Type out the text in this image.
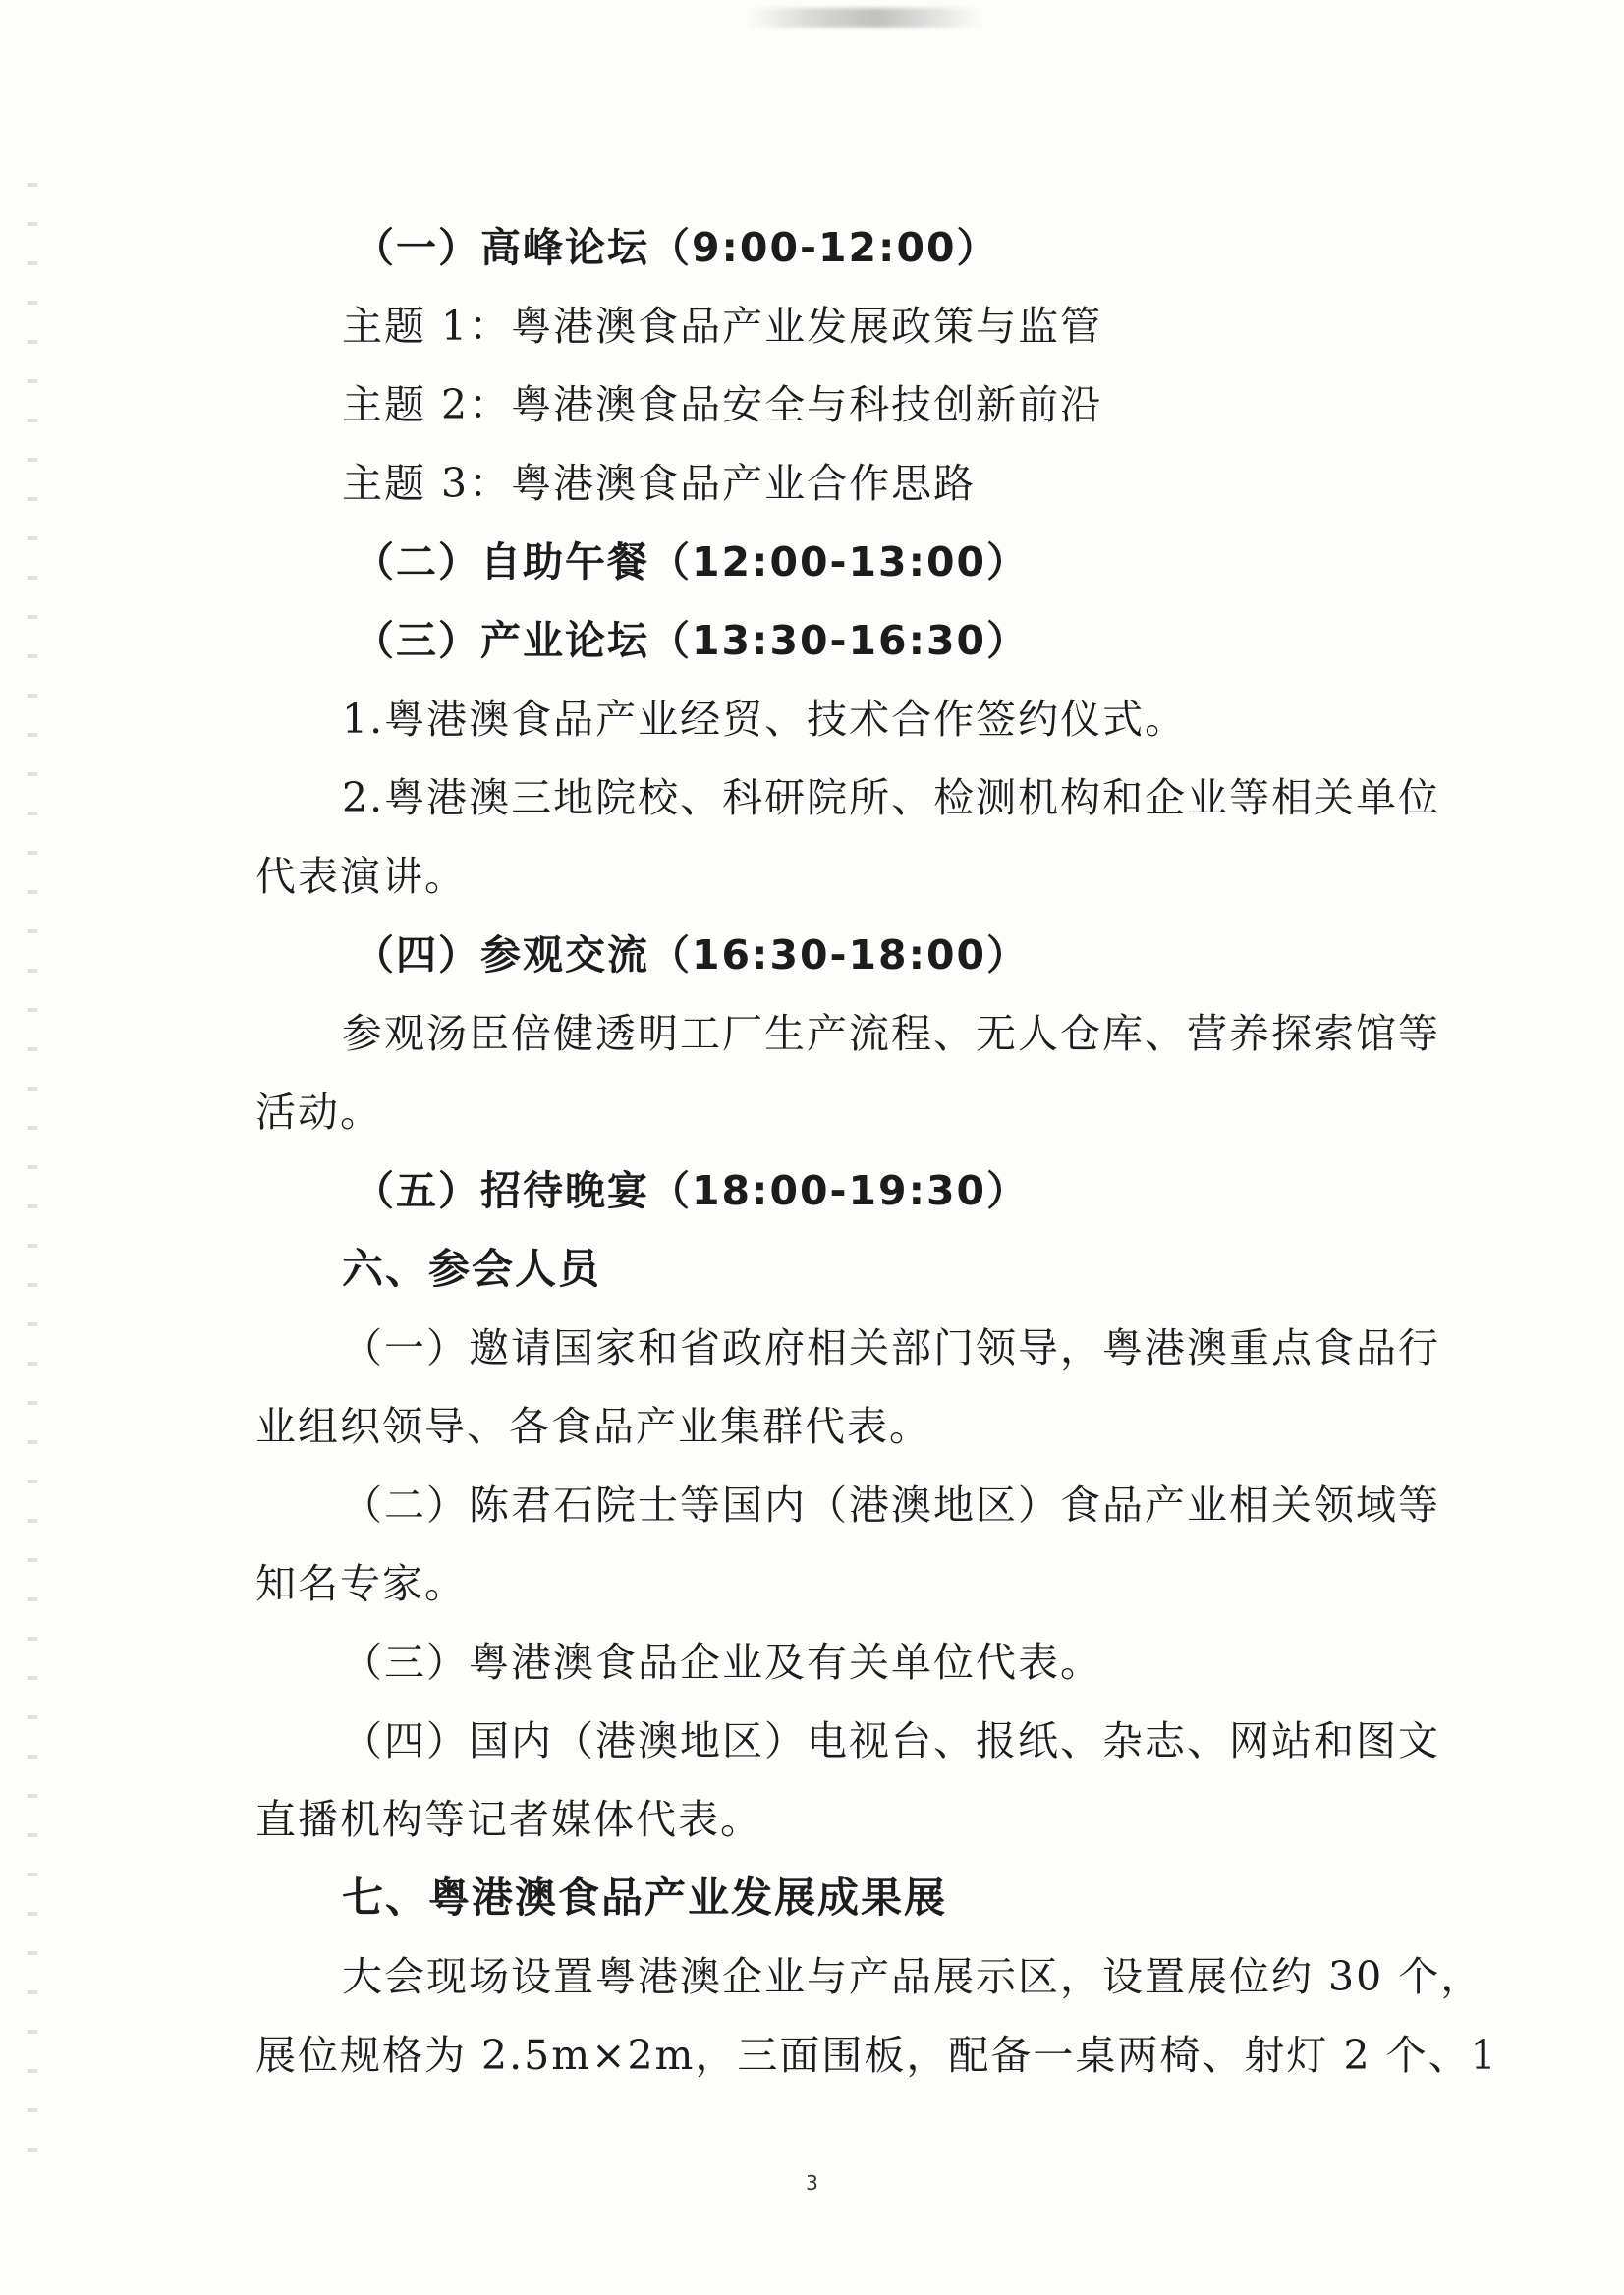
（一）高峰论坛（9:00-12:00）
主题 1：粤港澳食品产业发展政策与监管
主题 2：粤港澳食品安全与科技创新前沿
主题 3：粤港澳食品产业合作思路
（二）自助午餐（12:00-13:00）
（三）产业论坛（13:30-16:30）
1.粤港澳食品产业经贸、技术合作签约仪式。
2.粤港澳三地院校、科研院所、检测机构和企业等相关单位
代表演讲。
（四）参观交流（16:30-18:00）
参观汤臣倍健透明工厂生产流程、无人仓库、营养探索馆等
活动。
（五）招待晚宴（18:00-19:30）
六、参会人员
（一）邀请国家和省政府相关部门领导，粤港澳重点食品行
业组织领导、各食品产业集群代表。
（二）陈君石院士等国内（港澳地区）食品产业相关领域等
知名专家。
（三）粤港澳食品企业及有关单位代表。
（四）国内（港澳地区）电视台、报纸、杂志、网站和图文
直播机构等记者媒体代表。
七、粤港澳食品产业发展成果展
大会现场设置粤港澳企业与产品展示区，设置展位约 30 个，
展位规格为 2.5m×2m，三面围板，配备一桌两椅、射灯 2 个、1
3
